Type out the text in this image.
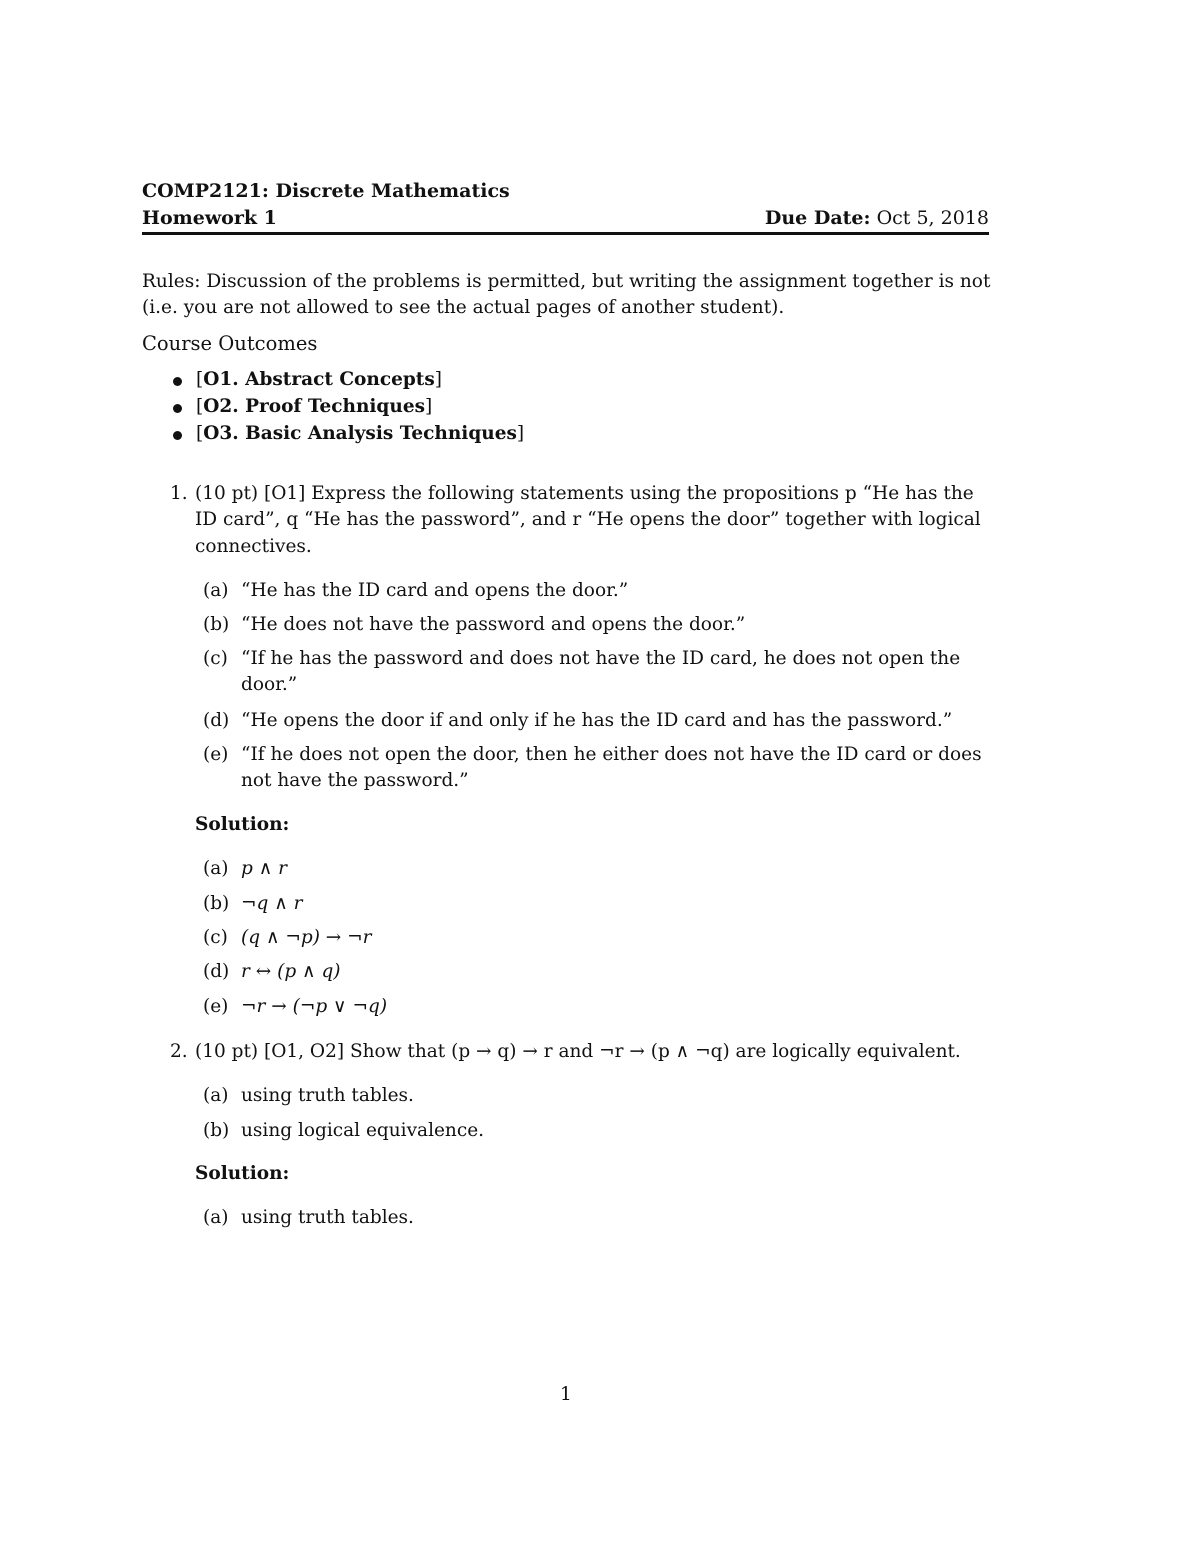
COMP2121: Discrete Mathematics
Homework 1	Due Date: Oct 5, 2018
Rules: Discussion of the problems is permitted, but writing the assignment together is not
(i.e. you are not allowed to see the actual pages of another student).
Course Outcomes
[O1. Abstract Concepts]
[O2. Proof Techniques]
[O3. Basic Analysis Techniques]
1. (10 pt) [O1] Express the following statements using the propositions p “He has the
ID card”, q “He has the password”, and r “He opens the door” together with logical
connectives.
(a) “He has the ID card and opens the door.”
(b) “He does not have the password and opens the door.”
(c) “If he has the password and does not have the ID card, he does not open the
door.”
(d) “He opens the door if and only if he has the ID card and has the password.”
(e) “If he does not open the door, then he either does not have the ID card or does
not have the password.”
Solution:
(a) p ∧ r
(b) ¬q ∧ r
(c) (q ∧ ¬p) → ¬r
(d) r ↔ (p ∧ q)
(e) ¬r → (¬p ∨ ¬q)
2. (10 pt) [O1, O2] Show that (p → q) → r and ¬r → (p ∧ ¬q) are logically equivalent.
(a) using truth tables.
(b) using logical equivalence.
Solution:
(a) using truth tables.
1
